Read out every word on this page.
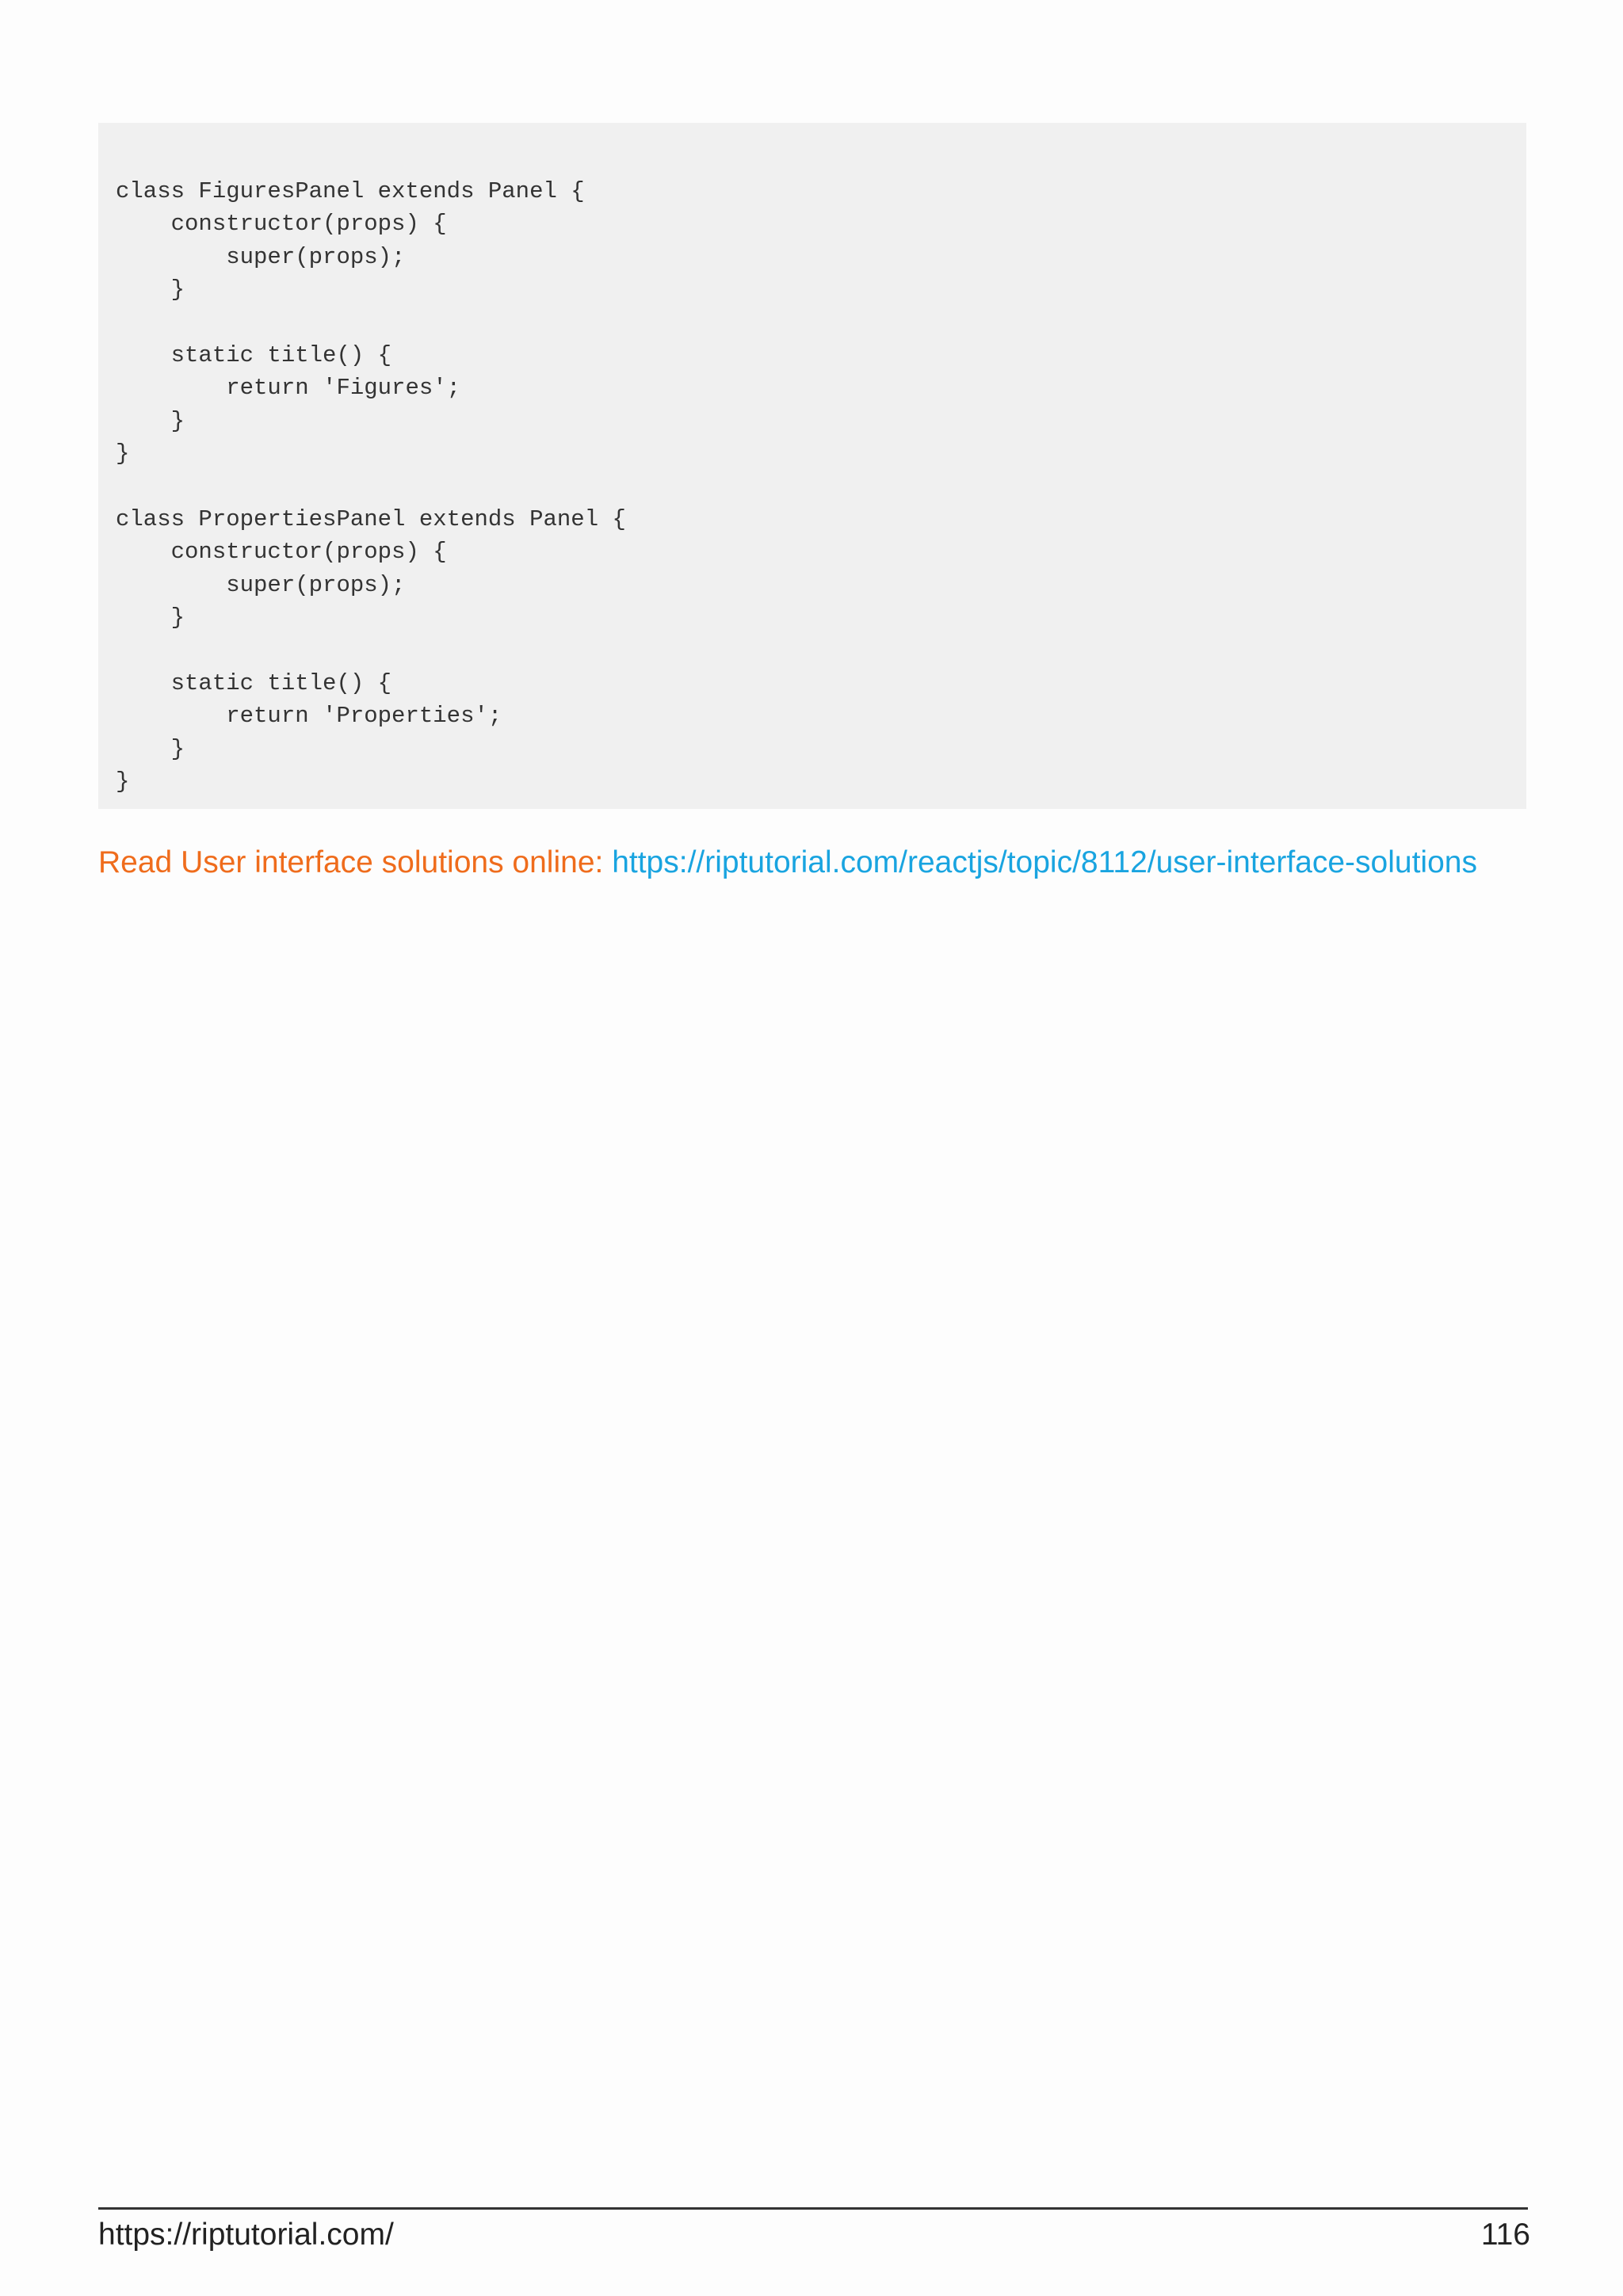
class FiguresPanel extends Panel {
constructor(props) {
super(props);
}
static title() {
return 'Figures';
}
}
class PropertiesPanel extends Panel {
constructor(props) {
super(props);
}
static title() {
return 'Properties';
}
}
Read User interface solutions online: https://riptutorial.com/reactjs/topic/8112/user-interface-solutions
https://riptutorial.com/	116
